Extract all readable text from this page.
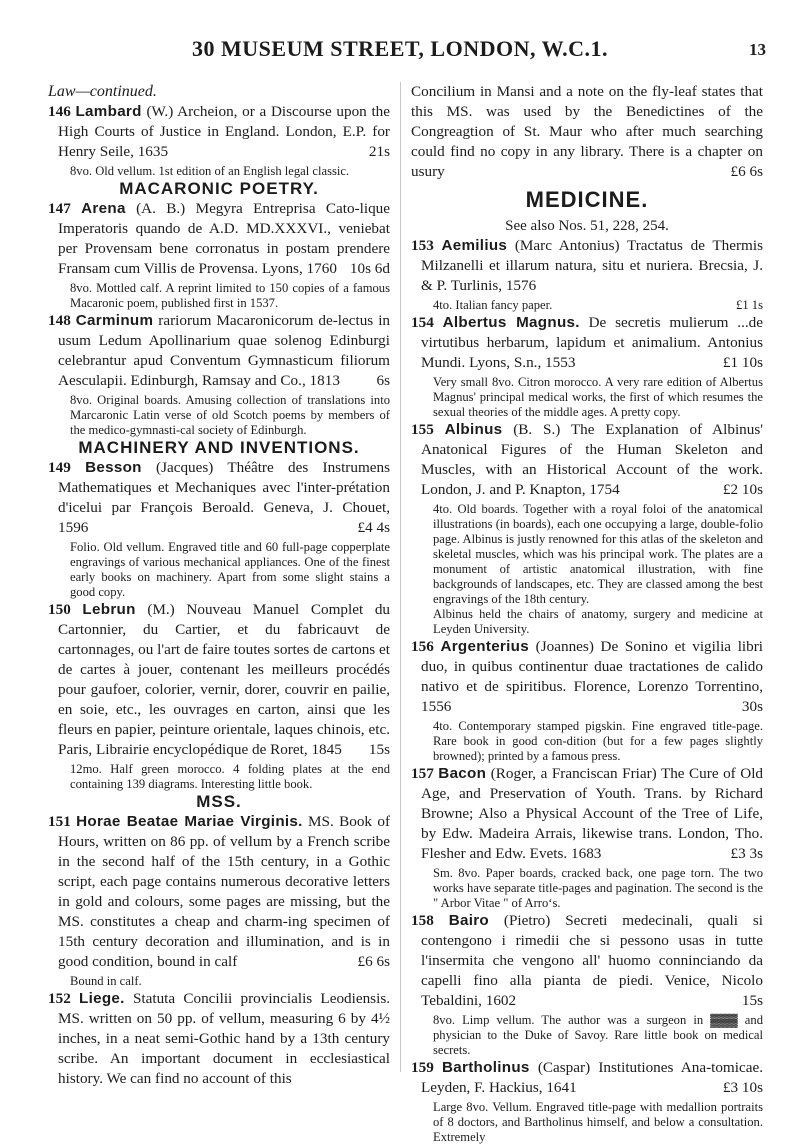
30 MUSEUM STREET, LONDON, W.C.1.	13

Law—continued.

146 Lambard (W.) Archeion, or a Discourse upon the High Courts of Justice in England. London, E.P. for Henry Seile, 1635	21s

8vo. Old vellum. 1st edition of an English legal classic.

MACARONIC POETRY.

147 Arena (A. B.) Megyra Entreprisa Cato-lique Imperatoris quando de A.D. MD.XXXVI., veniebat per Provensam bene corronatus in postam prendere Fransam cum Villis de Provensa. Lyons, 1760 10s 6d

8vo. Mottled calf. A reprint limited to 150 copies of a famous Macaronic poem, published first in 1537.

148 Carminum rariorum Macaronicorum de-lectus in usum Ledum Apollinarium quae solenoɡ Edinburgi celebrantur apud Conventum Gymnasticum filiorum Aesculapii. Edinburgh, Ramsay and Co., 1813 6s

8vo. Original boards. Amusing collection of translations into Marcaronic Latin verse of old Scotch poems by members of the medico-gymnasti-cal society of Edinburgh.

MACHINERY AND INVENTIONS.

149 Besson (Jacques) Théâtre des Instrumens Mathematiques et Mechaniques avec l'inter-prétation d'icelui par François Beroald. Geneva, J. Chouet, 1596	£4 4s

Folio. Old vellum. Engraved title and 60 full-page copperplate engravings of various mechanical appliances. One of the finest early books on machinery. Apart from some slight stains a good copy.

150 Lebrun (M.) Nouveau Manuel Complet du Cartonnier, du Cartier, et du fabricauvt de cartonnages, ou l'art de faire toutes sortes de cartons et de cartes à jouer, contenant les meilleurs procédés pour gaufoer, colorier, vernir, dorer, couvrir en pailie, en soie, etc., les ouvrages en carton, ainsi que les fleurs en papier, peinture orientale, laques chinois, etc. Paris, Librairie encyclopédique de Roret, 1845 15s

12mo. Half green morocco. 4 folding plates at the end containing 139 diagrams. Interesting little book.

MSS.

151 Horae Beatae Mariae Virginis. MS. Book of Hours, written on 86 pp. of vellum by a French scribe in the second half of the 15th century, in a Gothic script, each page contains numerous decorative letters in gold and colours, some pages are missing, but the MS. constitutes a cheap and charm-ing specimen of 15th century decoration and illumination, and is in good condition, bound in calf	£6 6s

Bound in calf.

152 Liege. Statuta Concilii provincialis Leodiensis. MS. written on 50 pp. of vellum, measuring 6 by 4½ inches, in a neat semi-Gothic hand by a 13th century scribe. An important document in ecclesiastical history. We can find no account of this
Concilium in Mansi and a note on the fly-leaf states that this MS. was used by the Benedictines of the Congreagtion of St. Maur who after much searching could find no copy in any library. There is a chapter on usury	£6 6s

MEDICINE.

See also Nos. 51, 228, 254.

153 Aemilius (Marc Antonius) Tractatus de Thermis Milzanelli et illarum natura, situ et nuriera. Brecsia, J. & P. Turlinis, 1576

4to. Italian fancy paper.	£1 1s

154 Albertus Magnus. De secretis mulierum ...de virtutibus herbarum, lapidum et animalium. Antonius Mundi. Lyons, S.n., 1553	£1 10s

Very small 8vo. Citron morocco. A very rare edition of Albertus Magnus' principal medical works, the first of which resumes the sexual theories of the middle ages. A pretty copy.

155 Albinus (B. S.) The Explanation of Albinus' Anatonical Figures of the Human Skeleton and Muscles, with an Historical Account of the work. London, J. and P. Knapton, 1754	£2 10s

4to. Old boards. Together with a royal foloi of the anatomical illustrations (in boards), each one occupying a large, double-folio page. Albinus is justly renowned for this atlas of the skeleton and skeletal muscles, which was his principal work. The plates are a monument of artistic anatomical illustration, with fine backgrounds of landscapes, etc. They are classed among the best engravings of the 18th century.

Albinus held the chairs of anatomy, surgery and medicine at Leyden University.

156 Argenterius (Joannes) De Sonino et vigilia libri duo, in quibus continentur duae tractationes de calido nativo et de spiritibus. Florence, Lorenzo Torrentino, 1556	30s

4to. Contemporary stamped pigskin. Fine engraved title-page. Rare book in good con-dition (but for a few pages slightly browned); printed by a famous press.

157 Bacon (Roger, a Franciscan Friar) The Cure of Old Age, and Preservation of Youth. Trans. by Richard Browne; Also a Physical Account of the Tree of Life, by Edw. Madeira Arrais, likewise trans. London, Tho. Flesher and Edw. Evets. 1683	£3 3s

Sm. 8vo. Paper boards, cracked back, one page torn. The two works have separate title-pages and pagination. The second is the " Arbor Vitae " of Arroʻs.

158 Bairo (Pietro) Secreti medecinali, quali si contengono i rimedii che si pessono usas in tutte l'insermita che vengono all' huomo conninciando da capelli fino alla pianta de piedi. Venice, Nicolo Tebaldini, 1602	15s

8vo. Limp vellum. The author was a surgeon in ▓▓▓ and physician to the Duke of Savoy. Rare little book on medical secrets.

159 Bartholinus (Caspar) Institutiones Ana-tomicae. Leyden, F. Hackius, 1641	£3 10s

Large 8vo. Vellum. Engraved title-page with medallion portraits of 8 doctors, and Bartholinus himself, and below a consultation. Extremely
